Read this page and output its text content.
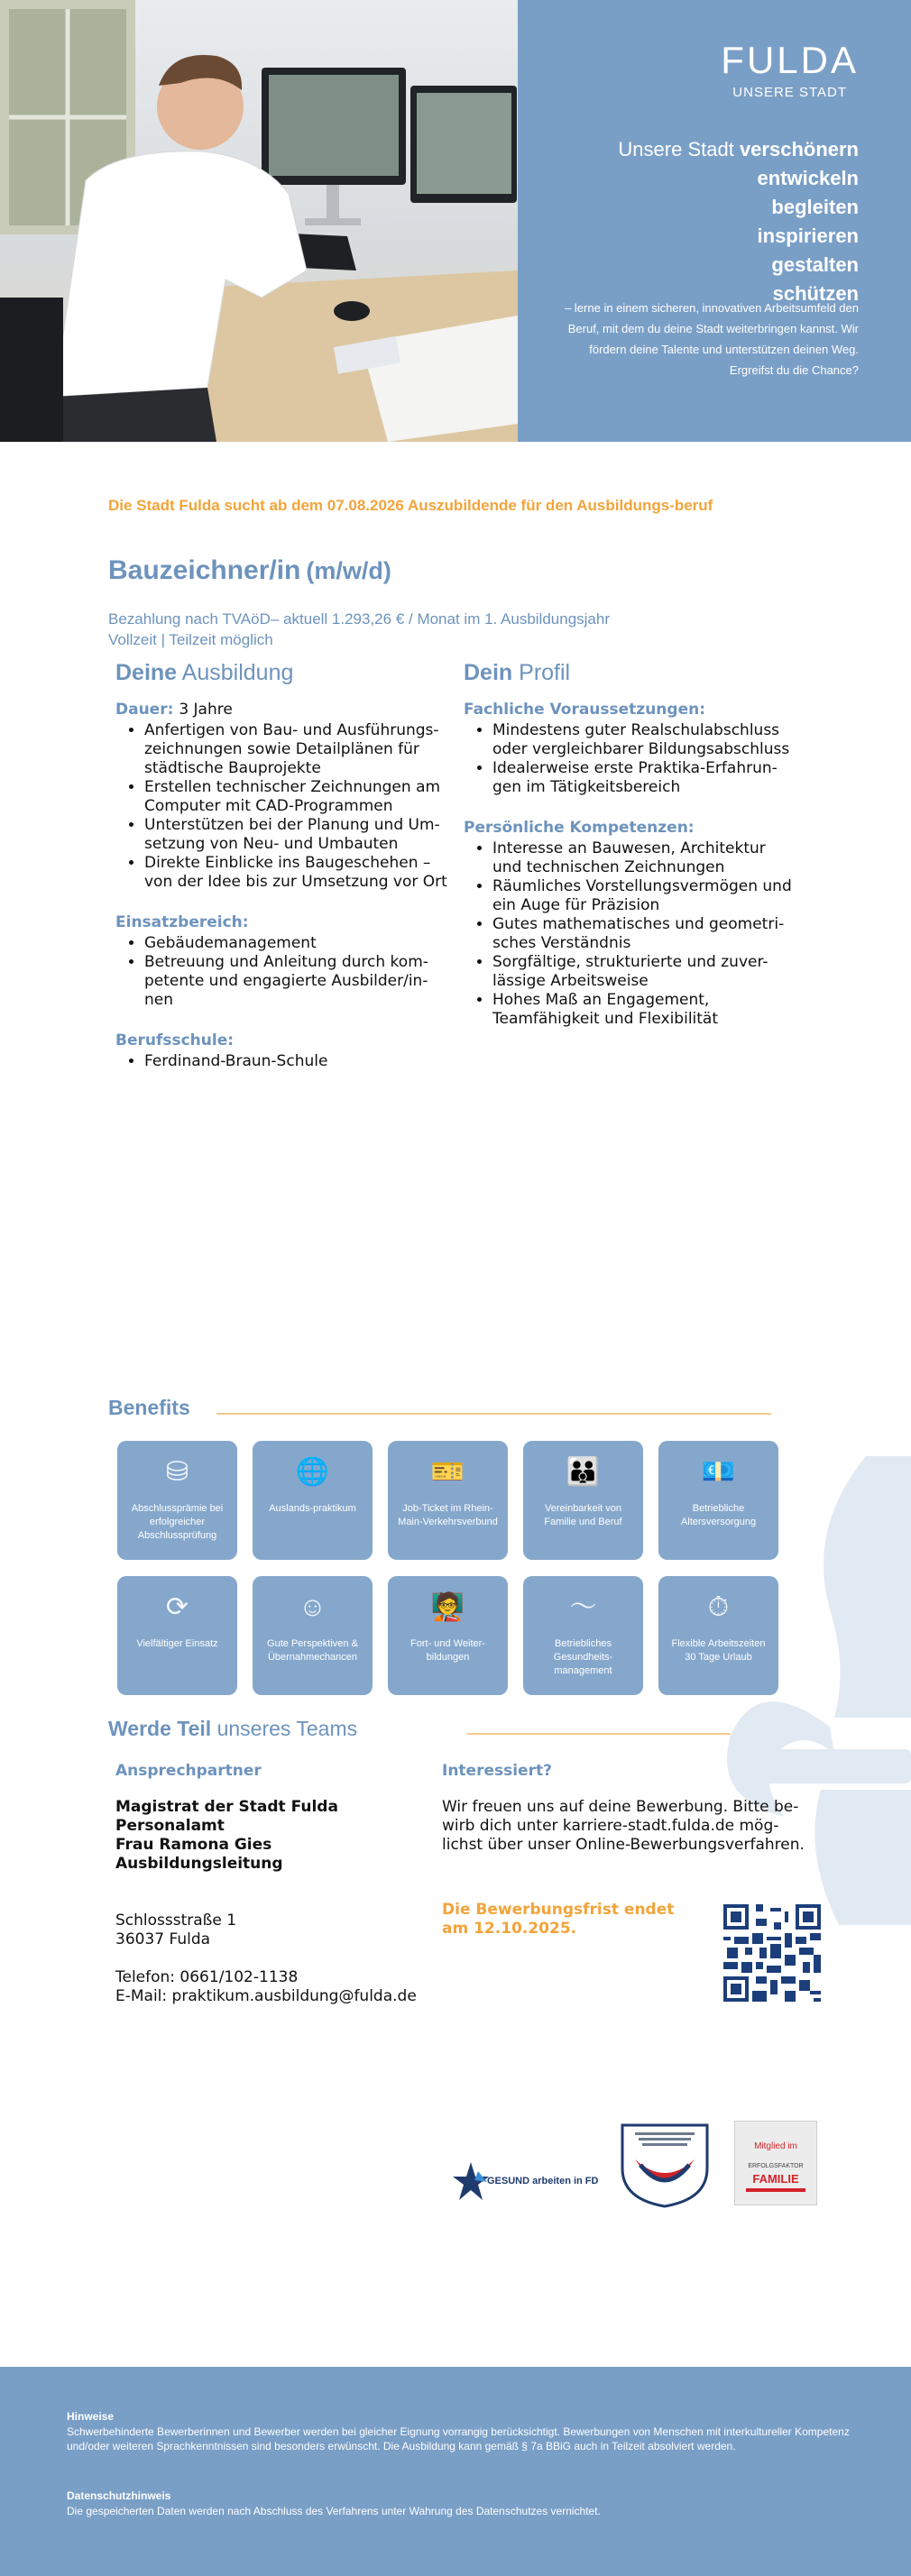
FULDA
UNSERE STADT
Unsere Stadt verschönern
entwickeln
begleiten
inspirieren
gestalten
schützen
– lerne in einem sicheren, innovativen Arbeitsumfeld den Beruf, mit dem du deine Stadt weiterbringen kannst. Wir fördern deine Talente und unterstützen deinen Weg. Ergreifst du die Chance?
Die Stadt Fulda sucht ab dem 07.08.2026 Auszubildende für den Ausbildungs-beruf
Bauzeichner/in (m/w/d)
Bezahlung nach TVAöD– aktuell 1.293,26 € / Monat im 1. Ausbildungsjahr
Vollzeit | Teilzeit möglich
Deine Ausbildung
Dauer: 3 Jahre
• Anfertigen von Bau- und Ausführungs-zeichnungen sowie Detailplänen für städtische Bauprojekte
• Erstellen technischer Zeichnungen am Computer mit CAD-Programmen
• Unterstützen bei der Planung und Um-setzung von Neu- und Umbauten
• Direkte Einblicke ins Baugeschehen – von der Idee bis zur Umsetzung vor Ort
Einsatzbereich:
• Gebäudemanagement
• Betreuung und Anleitung durch kom-petente und engagierte Ausbilder/in-nen
Berufsschule:
• Ferdinand-Braun-Schule
Dein Profil
Fachliche Voraussetzungen:
• Mindestens guter Realschulabschluss oder vergleichbarer Bildungsabschluss
• Idealerweise erste Praktika-Erfahrun-gen im Tätigkeitsbereich
Persönliche Kompetenzen:
• Interesse an Bauwesen, Architektur und technischen Zeichnungen
• Räumliches Vorstellungsvermögen und ein Auge für Präzision
• Gutes mathematisches und geometri-sches Verständnis
• Sorgfältige, strukturierte und zuver-lässige Arbeitsweise
• Hohes Maß an Engagement, Teamfähigkeit und Flexibilität
Benefits
⛁
Abschlussprämie bei erfolgreicher Abschlussprüfung
🌐
Auslands-praktikum
🎫
Job-Ticket im Rhein-Main-Verkehrsverbund
👪
Vereinbarkeit von Familie und Beruf
💶
Betriebliche Altersversorgung
⟳
Vielfältiger Einsatz
☺
Gute Perspektiven & Übernahmechancen
🧑‍🏫
Fort- und Weiter-bildungen
〜
Betriebliches Gesundheits-management
⏱
Flexible Arbeitszeiten 30 Tage Urlaub
Werde Teil unseres Teams
Ansprechpartner
Magistrat der Stadt Fulda
Personalamt
Frau Ramona Gies
Ausbildungsleitung
Schlossstraße 1
36037 Fulda
Telefon: 0661/102-1138
E-Mail: praktikum.ausbildung@fulda.de
Interessiert?
Wir freuen uns auf deine Bewerbung. Bitte be-wirb dich unter karriere-stadt.fulda.de mög-lichst über unser Online-Bewerbungsverfahren.
Die Bewerbungsfrist endet am 12.10.2025.
GESUND arbeiten in FD
Mitglied im
ERFOLGSFAKTOR
FAMILIE
Hinweise
Schwerbehinderte Bewerberinnen und Bewerber werden bei gleicher Eignung vorrangig berücksichtigt. Bewerbungen von Menschen mit interkultureller Kompetenz und/oder weiteren Sprachkenntnissen sind besonders erwünscht. Die Ausbildung kann gemäß § 7a BBiG auch in Teilzeit absolviert werden.
Datenschutzhinweis
Die gespeicherten Daten werden nach Abschluss des Verfahrens unter Wahrung des Datenschutzes vernichtet.
